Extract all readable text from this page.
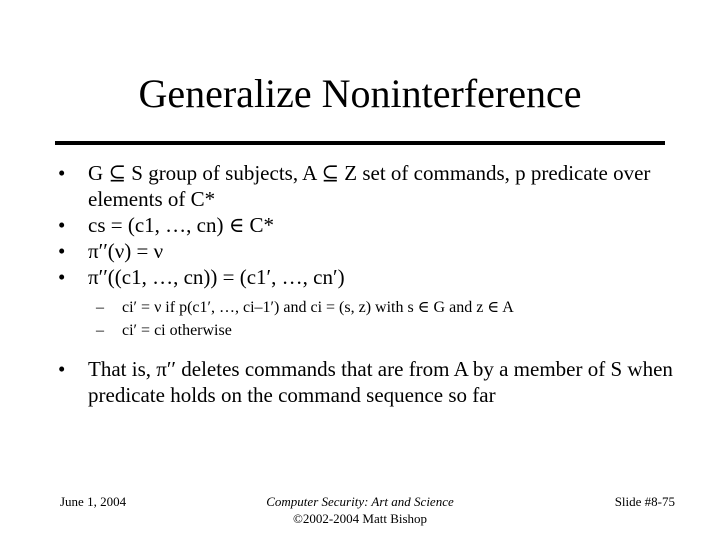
Generalize Noninterference

• G ⊆ S group of subjects, A ⊆ Z set of commands, p predicate over elements of C*

• cs = (c1, …, cn) ∈ C*

• π′′(ν) = ν

• π′′((c1, …, cn)) = (c1′, …, cn′)

– ci′ = ν if p(c1′, …, ci–1′) and ci = (s, z) with s ∈ G and z ∈ A

– ci′ = ci otherwise

• That is, π′′ deletes commands that are from A by a member of S when predicate holds on the command sequence so far

June 1, 2004	Computer Security: Art and Science
©2002-2004 Matt Bishop
Slide #8-75
